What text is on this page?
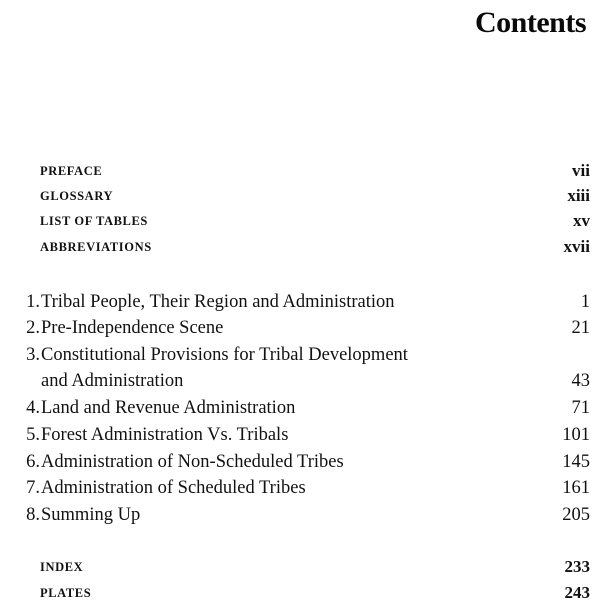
Contents
PREFACE	vii
GLOSSARY	xiii
LIST OF TABLES	xv
ABBREVIATIONS	xvii
1. Tribal People, Their Region and Administration	1
2. Pre-Independence Scene	21
3. Constitutional Provisions for Tribal Development
and Administration	43
4. Land and Revenue Administration	71
5. Forest Administration Vs. Tribals	101
6. Administration of Non-Scheduled Tribes	145
7. Administration of Scheduled Tribes	161
8. Summing Up	205
INDEX	233
PLATES	243
